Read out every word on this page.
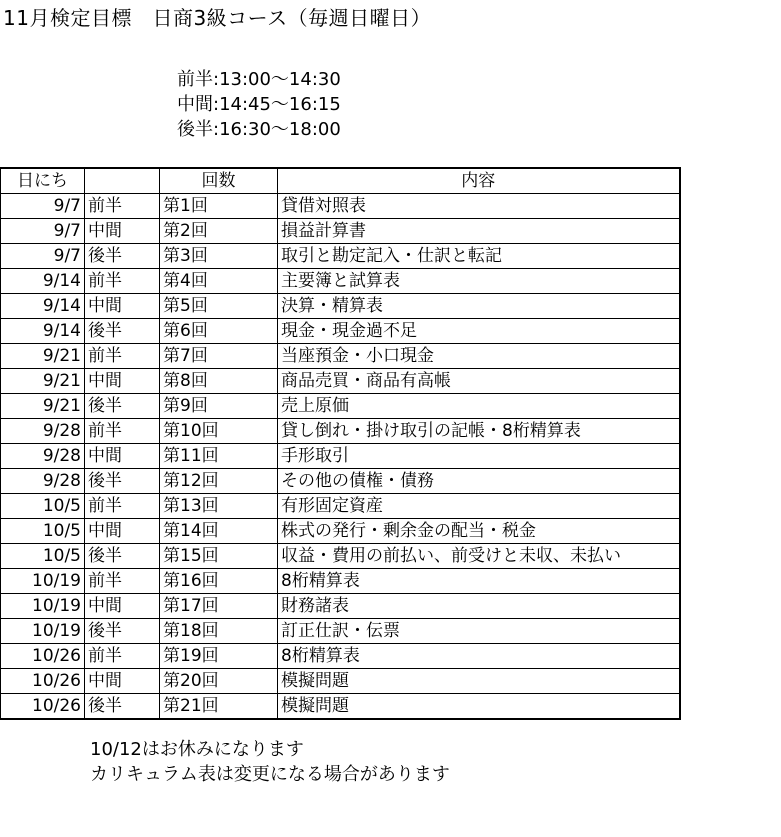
11月検定目標　日商3級コース（毎週日曜日）
前半:13:00～14:30
中間:14:45～16:15
後半:16:30～18:00
日にち		回数	内容
9/7	前半	第1回	貸借対照表
9/7	中間	第2回	損益計算書
9/7	後半	第3回	取引と勘定記入・仕訳と転記
9/14	前半	第4回	主要簿と試算表
9/14	中間	第5回	決算・精算表
9/14	後半	第6回	現金・現金過不足
9/21	前半	第7回	当座預金・小口現金
9/21	中間	第8回	商品売買・商品有高帳
9/21	後半	第9回	売上原価
9/28	前半	第10回	貸し倒れ・掛け取引の記帳・8桁精算表
9/28	中間	第11回	手形取引
9/28	後半	第12回	その他の債権・債務
10/5	前半	第13回	有形固定資産
10/5	中間	第14回	株式の発行・剰余金の配当・税金
10/5	後半	第15回	収益・費用の前払い、前受けと未収、未払い
10/19	前半	第16回	8桁精算表
10/19	中間	第17回	財務諸表
10/19	後半	第18回	訂正仕訳・伝票
10/26	前半	第19回	8桁精算表
10/26	中間	第20回	模擬問題
10/26	後半	第21回	模擬問題
10/12はお休みになります
カリキュラム表は変更になる場合があります
